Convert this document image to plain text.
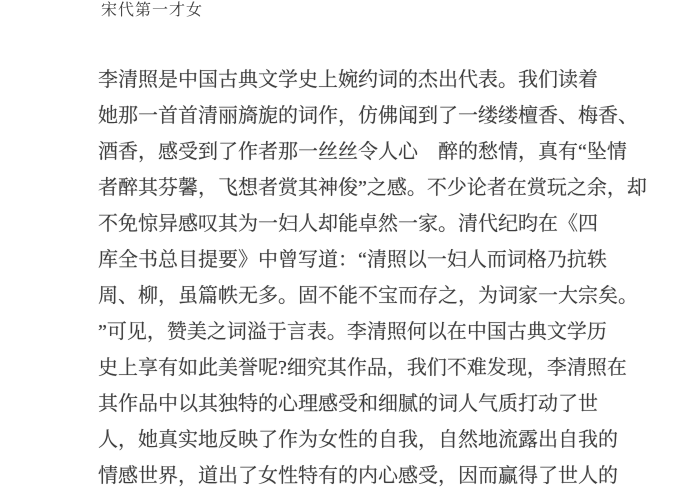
宋代第一才女
李清照是中国古典文学史上婉约词的杰出代表。我们读着
她那一首首清丽旖旎的词作，仿佛闻到了一缕缕檀香、梅香、
酒香，感受到了作者那一丝丝令人心　醉的愁情，真有“坠情
者醉其芬馨，飞想者赏其神俊”之感。不少论者在赏玩之余，却
不免惊异感叹其为一妇人却能卓然一家。清代纪昀在《四
库全书总目提要》中曾写道：“清照以一妇人而词格乃抗轶
周、柳，虽篇帙无多。固不能不宝而存之，为词家一大宗矣。
”可见，赞美之词溢于言表。李清照何以在中国古典文学历
史上享有如此美誉呢?细究其作品，我们不难发现，李清照在
其作品中以其独特的心理感受和细腻的词人气质打动了世
人，她真实地反映了作为女性的自我，自然地流露出自我的
情感世界，道出了女性特有的内心感受，因而赢得了世人的
